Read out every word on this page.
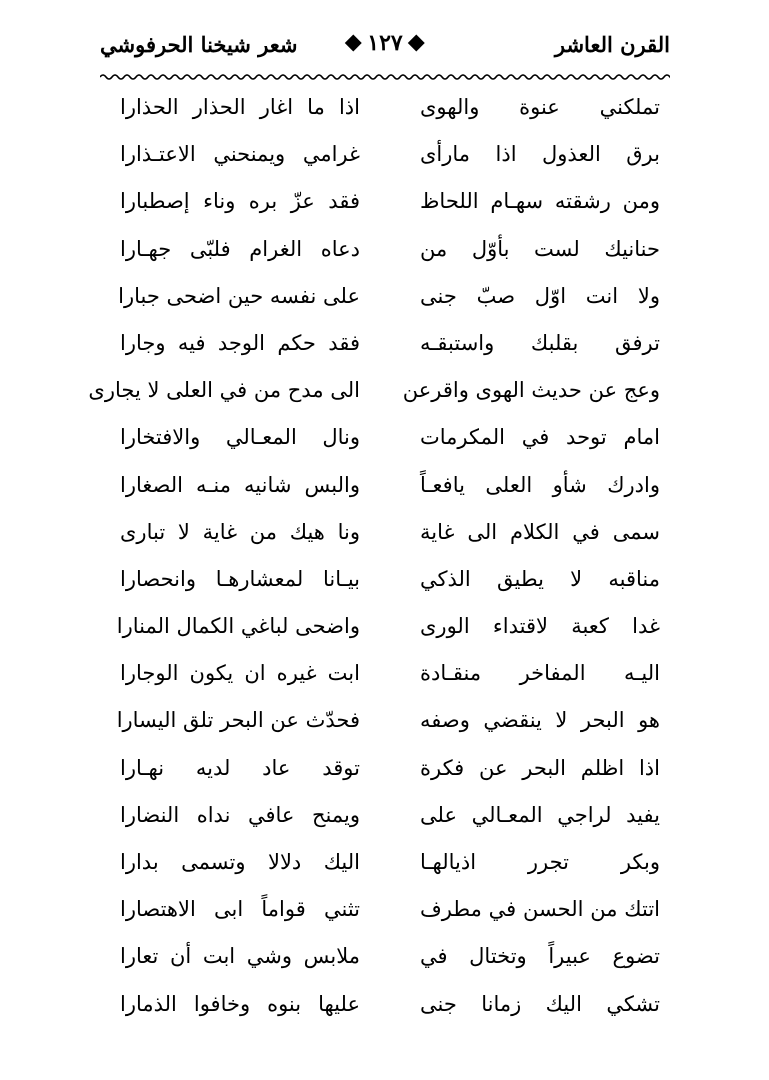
القرن العاشر
١٢٧
شعر شيخنا الحرفوشي
تملكني عنوة والهوى
اذا ما اغار الحذار الحذارا
برق العذول اذا مارأى
غرامي ويمنحني الاعتـذارا
ومن رشقته سهـام اللحاظ
فقد عزّ بره وناء إصطبارا
حنانيك لست بأوّل من
دعاه الغرام فلبّى جهـارا
ولا انت اوّل صبّ جنى
على نفسه حين اضحى جبارا
ترفق بقلبك واستبقـه
فقد حكم الوجد فيه وجارا
وعج عن حديث الهوى واقرعن
الى مدح من في العلى لا يجارى
امام توحد في المكرمات
ونال المعـالي والافتخارا
وادرك شأو العلى يافعـاً
والبس شانيه منـه الصغارا
سمى في الكلام الى غاية
ونا هيك من غاية لا تبارى
مناقبه لا يطيق الذكي
بيـانا لمعشارهـا وانحصارا
غدا كعبة لاقتداء الورى
واضحى لباغي الكمال المنارا
اليـه المفاخر منقـادة
ابت غيره ان يكون الوجارا
هو البحر لا ينقضي وصفه
فحدّث عن البحر تلق اليسارا
اذا اظلم البحر عن فكرة
توقد عاد لديه نهـارا
يفيد لراجي المعـالي على
ويمنح عافي نداه النضارا
وبكر تجرر اذيالهـا
اليك دلالا وتسمى بدارا
اتتك من الحسن في مطرف
تثني قواماً ابى الاهتصارا
تضوع عبيراً وتختال في
ملابس وشي ابت أن تعارا
تشكي اليك زمانا جنى
عليها بنوه وخافوا الذمارا
